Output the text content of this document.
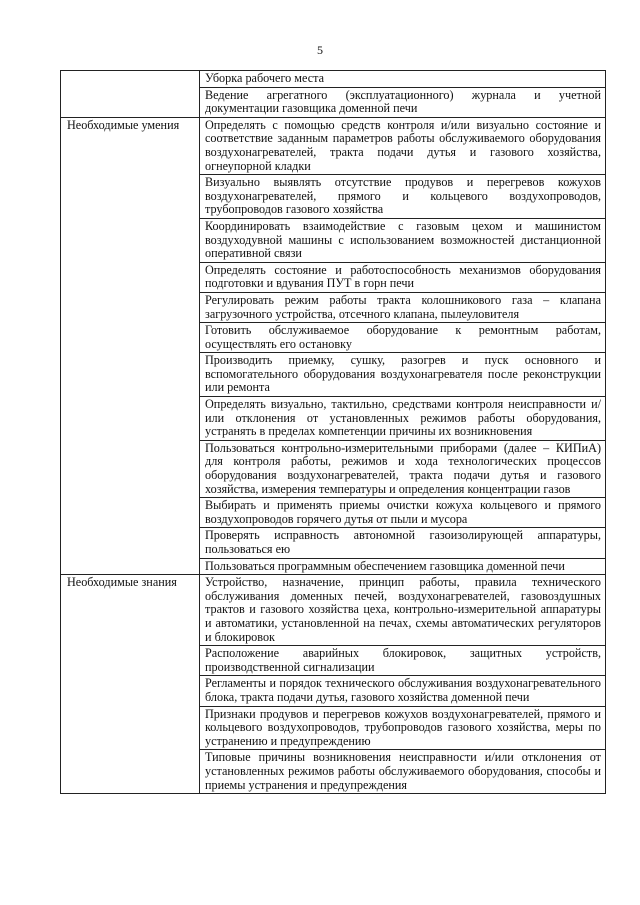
5
	Уборка рабочего места
	Ведение агрегатного (эксплуатационного) журнала и учетной документации газовщика доменной печи
Необходимые умения	Определять с помощью средств контроля и/или визуально состояние и соответствие заданным параметров работы обслуживаемого оборудования воздухонагревателей, тракта подачи дутья и газового хозяйства, огнеупорной кладки
	Визуально выявлять отсутствие продувов и перегревов кожухов воздухонагревателей, прямого и кольцевого воздухопроводов, трубопроводов газового хозяйства
	Координировать взаимодействие с газовым цехом и машинистом воздуходувной машины с использованием возможностей дистанционной оперативной связи
	Определять состояние и работоспособность механизмов оборудования подготовки и вдувания ПУТ в горн печи
	Регулировать режим работы тракта колошникового газа – клапана загрузочного устройства, отсечного клапана, пылеуловителя
	Готовить обслуживаемое оборудование к ремонтным работам, осуществлять его остановку
	Производить приемку, сушку, разогрев и пуск основного и вспомогательного оборудования воздухонагревателя после реконструкции или ремонта
	Определять визуально, тактильно, средствами контроля неисправности и/или отклонения от установленных режимов работы оборудования, устранять в пределах компетенции причины их возникновения
	Пользоваться контрольно-измерительными приборами (далее – КИПиА) для контроля работы, режимов и хода технологических процессов оборудования воздухонагревателей, тракта подачи дутья и газового хозяйства, измерения температуры и определения концентрации газов
	Выбирать и применять приемы очистки кожуха кольцевого и прямого воздухопроводов горячего дутья от пыли и мусора
	Проверять исправность автономной газоизолирующей аппаратуры, пользоваться ею
	Пользоваться программным обеспечением газовщика доменной печи
Необходимые знания	Устройство, назначение, принцип работы, правила технического обслуживания доменных печей, воздухонагревателей, газовоздушных трактов и газового хозяйства цеха, контрольно-измерительной аппаратуры и автоматики, установленной на печах, схемы автоматических регуляторов и блокировок
	Расположение аварийных блокировок, защитных устройств, производственной сигнализации
	Регламенты и порядок технического обслуживания воздухонагревательного блока, тракта подачи дутья, газового хозяйства доменной печи
	Признаки продувов и перегревов кожухов воздухонагревателей, прямого и кольцевого воздухопроводов, трубопроводов газового хозяйства, меры по устранению и предупреждению
	Типовые причины возникновения неисправности и/или отклонения от установленных режимов работы обслуживаемого оборудования, способы и приемы устранения и предупреждения
